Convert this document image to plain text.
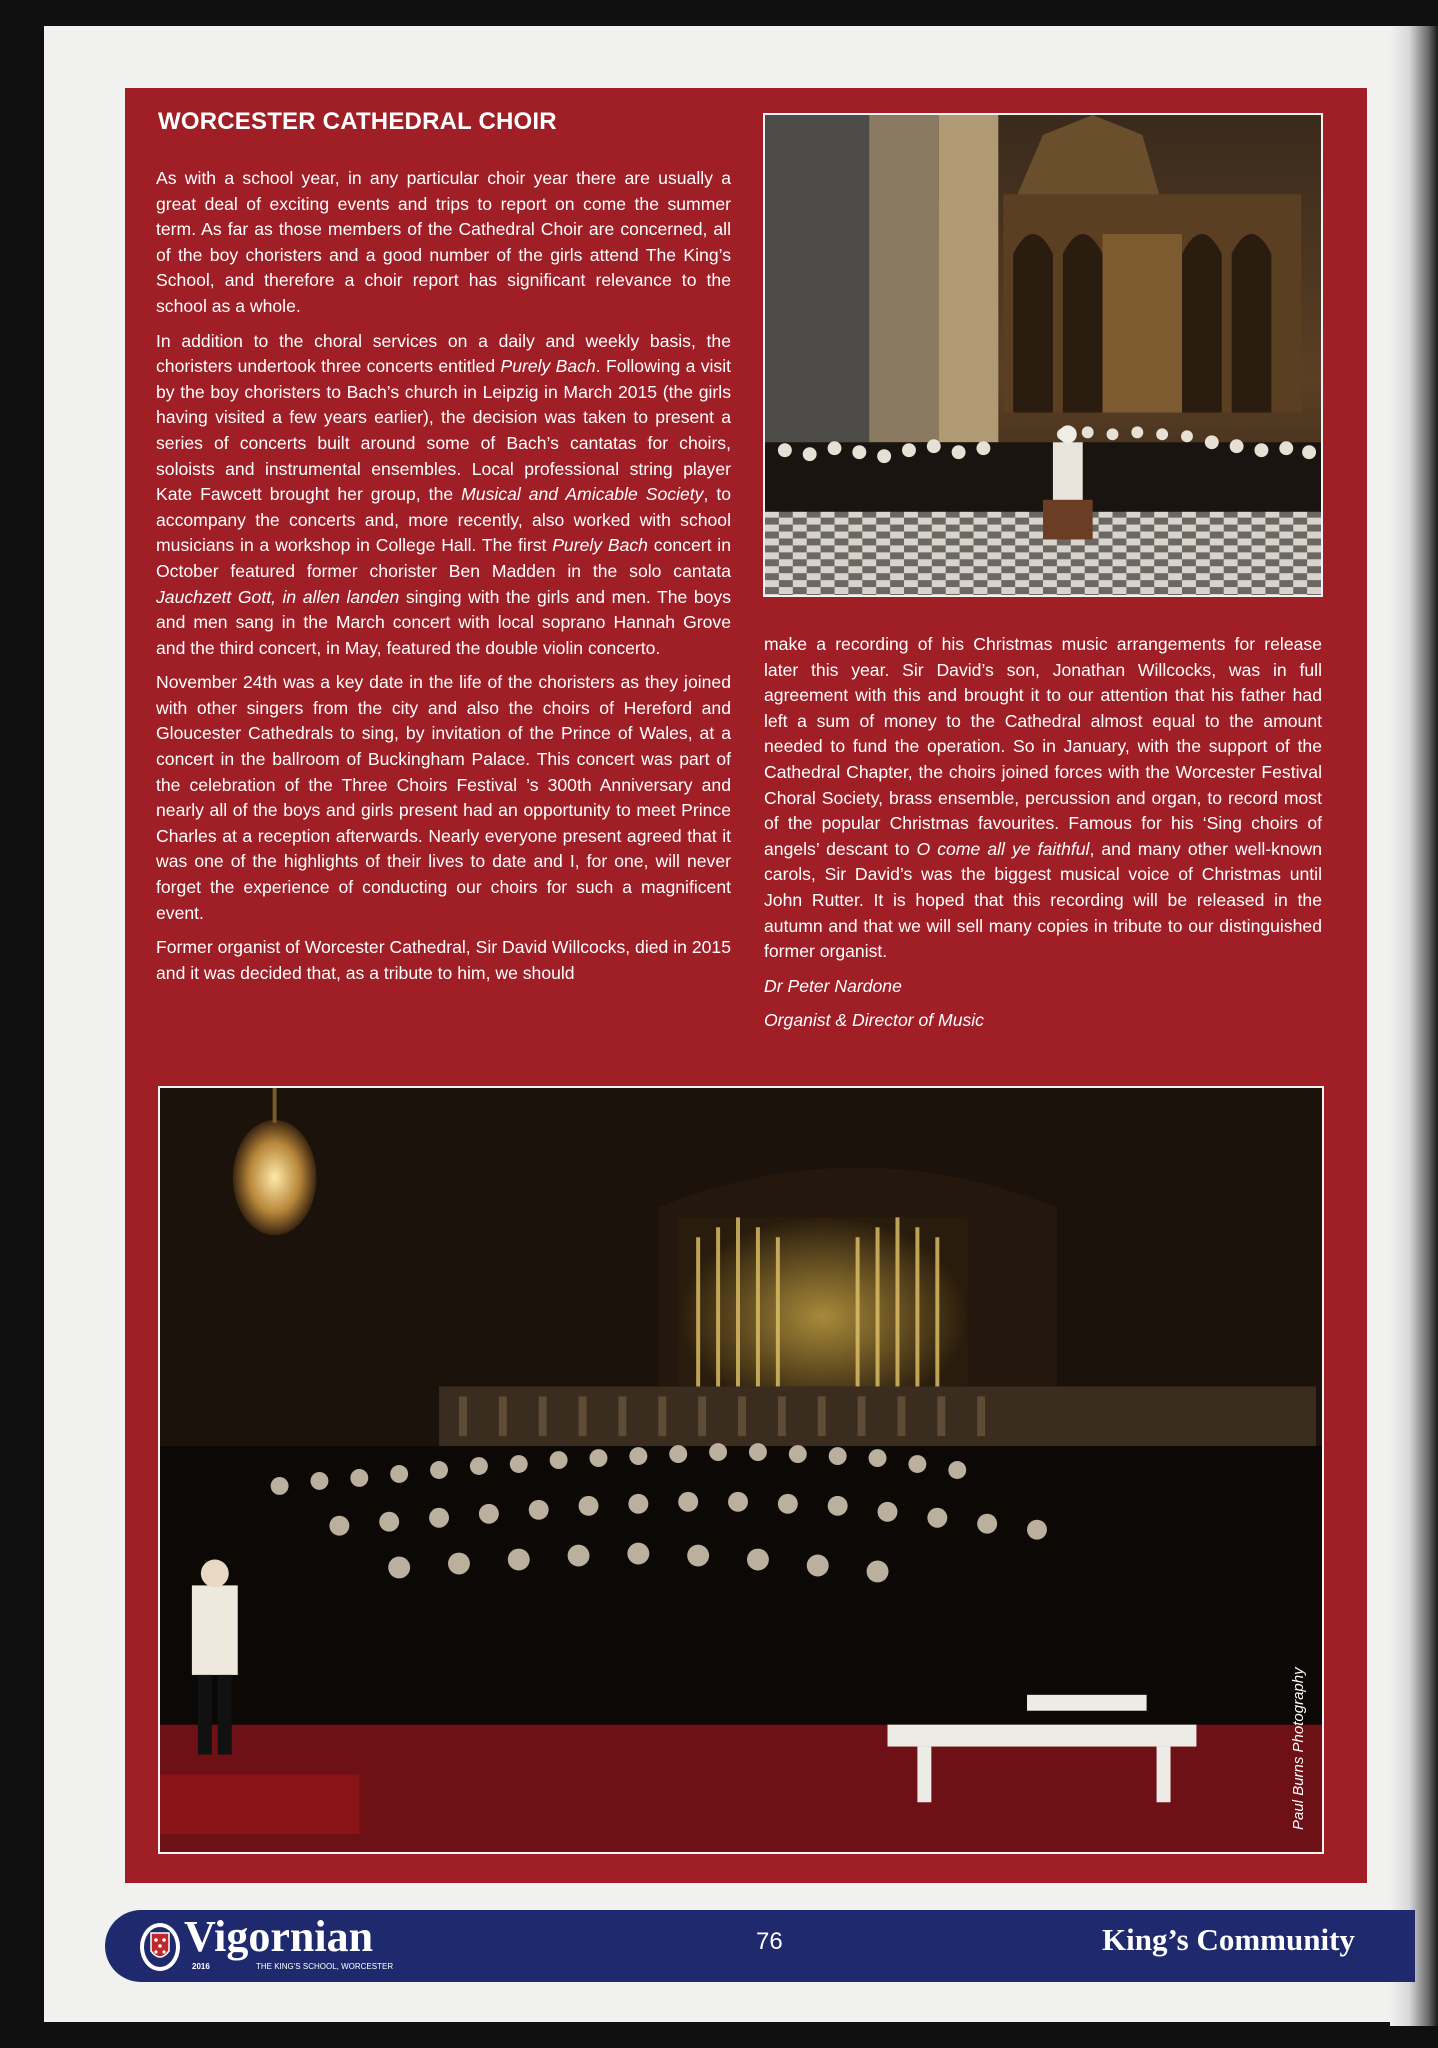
WORCESTER CATHEDRAL CHOIR

As with a school year, in any particular choir year there are usually a great deal of exciting events and trips to report on come the summer term. As far as those members of the Cathedral Choir are concerned, all of the boy choristers and a good number of the girls attend The King’s School, and therefore a choir report has significant relevance to the school as a whole.

In addition to the choral services on a daily and weekly basis, the choristers undertook three concerts entitled Purely Bach. Following a visit by the boy choristers to Bach’s church in Leipzig in March 2015 (the girls having visited a few years earlier), the decision was taken to present a series of concerts built around some of Bach’s cantatas for choirs, soloists and instrumental ensembles. Local professional string player Kate Fawcett brought her group, the Musical and Amicable Society, to accompany the concerts and, more recently, also worked with school musicians in a workshop in College Hall. The first Purely Bach concert in October featured former chorister Ben Madden in the solo cantata Jauchzett Gott, in allen landen singing with the girls and men. The boys and men sang in the March concert with local soprano Hannah Grove and the third concert, in May, featured the double violin concerto.

November 24th was a key date in the life of the choristers as they joined with other singers from the city and also the choirs of Hereford and Gloucester Cathedrals to sing, by invitation of the Prince of Wales, at a concert in the ballroom of Buckingham Palace. This concert was part of the celebration of the Three Choirs Festival ’s 300th Anniversary and nearly all of the boys and girls present had an opportunity to meet Prince Charles at a reception afterwards. Nearly everyone present agreed that it was one of the highlights of their lives to date and I, for one, will never forget the experience of conducting our choirs for such a magnificent event.

Former organist of Worcester Cathedral, Sir David Willcocks, died in 2015 and it was decided that, as a tribute to him, we should

make a recording of his Christmas music arrangements for release later this year. Sir David’s son, Jonathan Willcocks, was in full agreement with this and brought it to our attention that his father had left a sum of money to the Cathedral almost equal to the amount needed to fund the operation. So in January, with the support of the Cathedral Chapter, the choirs joined forces with the Worcester Festival Choral Society, brass ensemble, percussion and organ, to record most of the popular Christmas favourites. Famous for his ‘Sing choirs of angels’ descant to O come all ye faithful, and many other well-known carols, Sir David’s was the biggest musical voice of Christmas until John Rutter. It is hoped that this recording will be released in the autumn and that we will sell many copies in tribute to our distinguished former organist.

Dr Peter Nardone

Organist & Director of Music

Paul Burns Photography
Vigornian
2016	THE KING'S SCHOOL, WORCESTER
76	King’s Community
